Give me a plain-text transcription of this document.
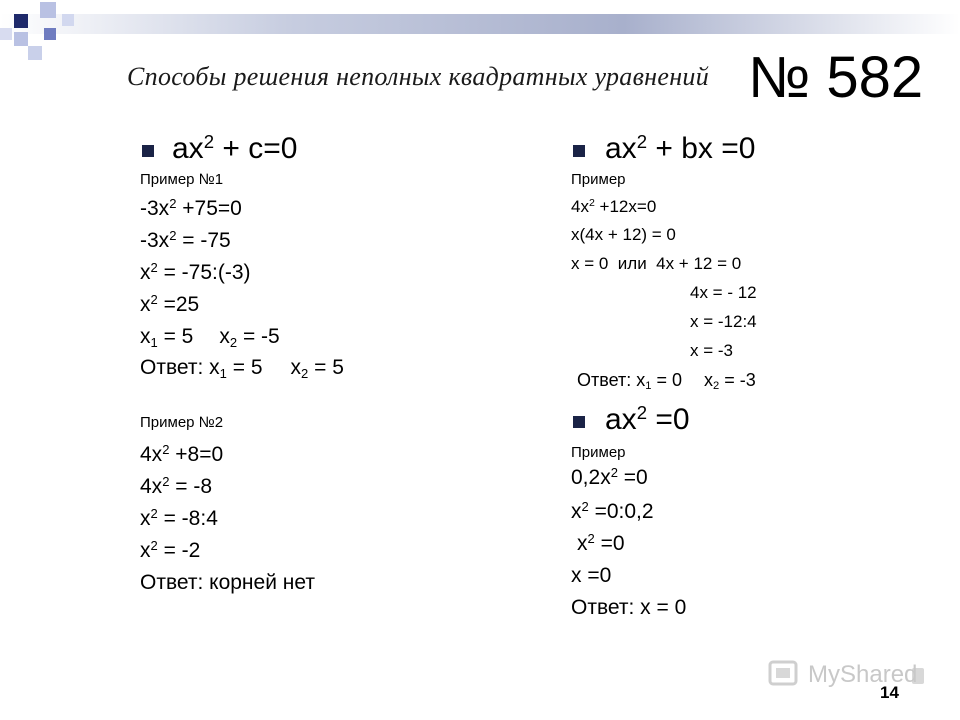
Способы решения неполных квадратных уравнений № 582
$ax^2 + c=0$
Пример №1
$-3x^2 +75=0$
$-3x^2 = -75$
$x^2$ = -75:(-3)
$x^2 =25$
$x_1 = 5$ $x_2 = -5$
Ответ: $x_1 = 5$ $x_2 = 5$
Пример №2
$4x^2 +8=0$
$4x^2 = -8$
$x^2$ = -8:4
$x^2 = -2$
Ответ: корней нет
$ax^2$ + bx =0
Пример
$4x^2 +12x=0$
x(4x + 12) = 0
x = 0  или  4x + 12 = 0
4x = - 12
x = -12:4
x = -3
Ответ: $x_1 = 0$ $x_2 = -3$
$ax^2 =0$
Пример
$0,2x^2 =0$
$x^2$ =0:0,2
$x^2 =0$
x =0
Ответ: x = 0
MyShared
14
